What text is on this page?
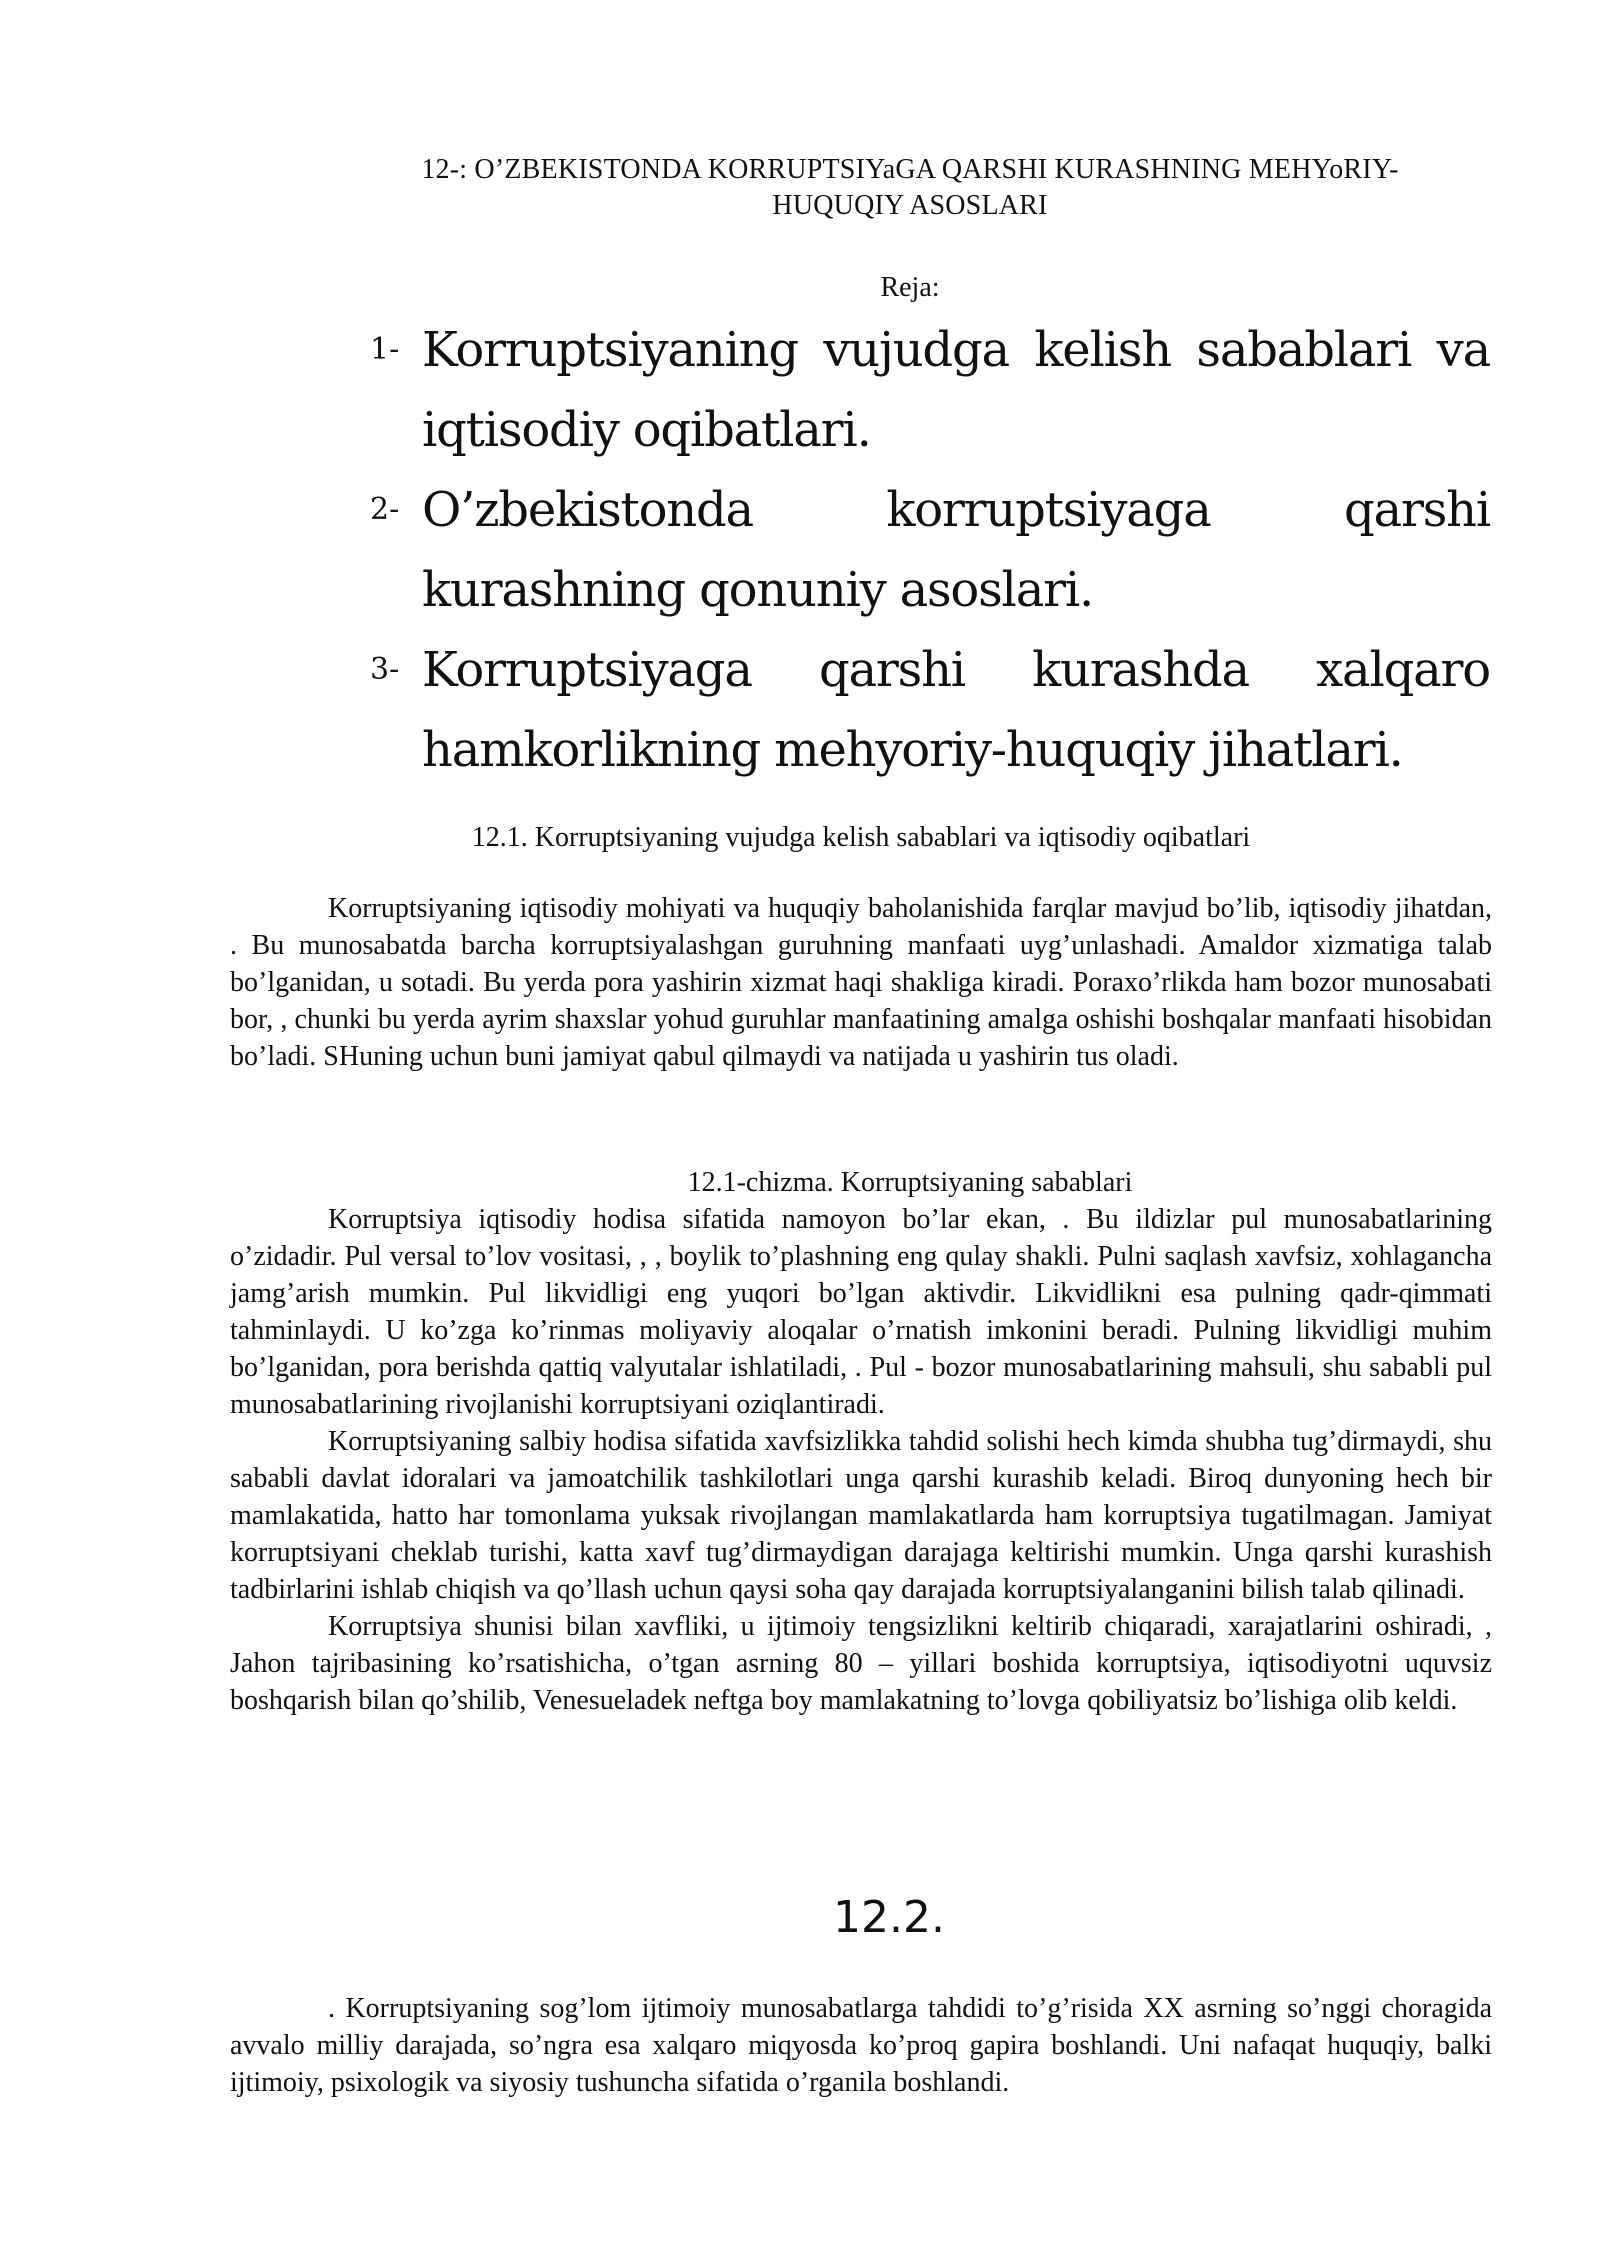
12-: O’ZBEKISTONDA KORRUPTSIYaGA QARSHI KURASHNING MEHYoRIY-
HUQUQIY ASOSLARI
Reja:
1- Korruptsiyaning vujudga kelish sabablari va iqtisodiy oqibatlari.
2- O’zbekistonda korruptsiyaga qarshi kurashning qonuniy asoslari.
3- Korruptsiyaga qarshi kurashda xalqaro hamkorlikning mehyoriy-huquqiy jihatlari.
12.1. Korruptsiyaning vujudga kelish sabablari va iqtisodiy oqibatlari

Korruptsiyaning iqtisodiy mohiyati va huquqiy baholanishida farqlar mavjud bo’lib, iqtisodiy jihatdan, . Bu munosabatda barcha korruptsiyalashgan guruhning manfaati uyg’unlashadi. Amaldor xizmatiga talab bo’lganidan, u sotadi. Bu yerda pora yashirin xizmat haqi shakliga kiradi. Poraxo’rlikda ham bozor munosabati bor, , chunki bu yerda ayrim shaxslar yohud guruhlar manfaatining amalga oshishi boshqalar manfaati hisobidan bo’ladi. SHuning uchun buni jamiyat qabul qilmaydi va natijada u yashirin tus oladi.

12.1-chizma. Korruptsiyaning sabablari

Korruptsiya iqtisodiy hodisa sifatida namoyon bo’lar ekan, . Bu ildizlar pul munosabatlarining o’zidadir. Pul versal to’lov vositasi, , , boylik to’plashning eng qulay shakli. Pulni saqlash xavfsiz, xohlagancha jamg’arish mumkin. Pul likvidligi eng yuqori bo’lgan aktivdir. Likvidlikni esa pulning qadr-qimmati tahminlaydi. U ko’zga ko’rinmas moliyaviy aloqalar o’rnatish imkonini beradi. Pulning likvidligi muhim bo’lganidan, pora berishda qattiq valyutalar ishlatiladi, . Pul - bozor munosabatlarining mahsuli, shu sababli pul munosabatlarining rivojlanishi korruptsiyani oziqlantiradi.

Korruptsiyaning salbiy hodisa sifatida xavfsizlikka tahdid solishi hech kimda shubha tug’dirmaydi, shu sababli davlat idoralari va jamoatchilik tashkilotlari unga qarshi kurashib keladi. Biroq dunyoning hech bir mamlakatida, hatto har tomonlama yuksak rivojlangan mamlakatlarda ham korruptsiya tugatilmagan. Jamiyat korruptsiyani cheklab turishi, katta xavf tug’dirmaydigan darajaga keltirishi mumkin. Unga qarshi kurashish tadbirlarini ishlab chiqish va qo’llash uchun qaysi soha qay darajada korruptsiyalanganini bilish talab qilinadi.

Korruptsiya shunisi bilan xavfliki, u ijtimoiy tengsizlikni keltirib chiqaradi, xarajatlarini oshiradi, , Jahon tajribasining ko’rsatishicha, o’tgan asrning 80 – yillari boshida korruptsiya, iqtisodiyotni uquvsiz boshqarish bilan qo’shilib, Venesueladek neftga boy mamlakatning to’lovga qobiliyatsiz bo’lishiga olib keldi.

12.2.

. Korruptsiyaning sog’lom ijtimoiy munosabatlarga tahdidi to’g’risida XX asrning so’nggi choragida avvalo milliy darajada, so’ngra esa xalqaro miqyosda ko’proq gapira boshlandi. Uni nafaqat huquqiy, balki ijtimoiy, psixologik va siyosiy tushuncha sifatida o’rganila boshlandi.
